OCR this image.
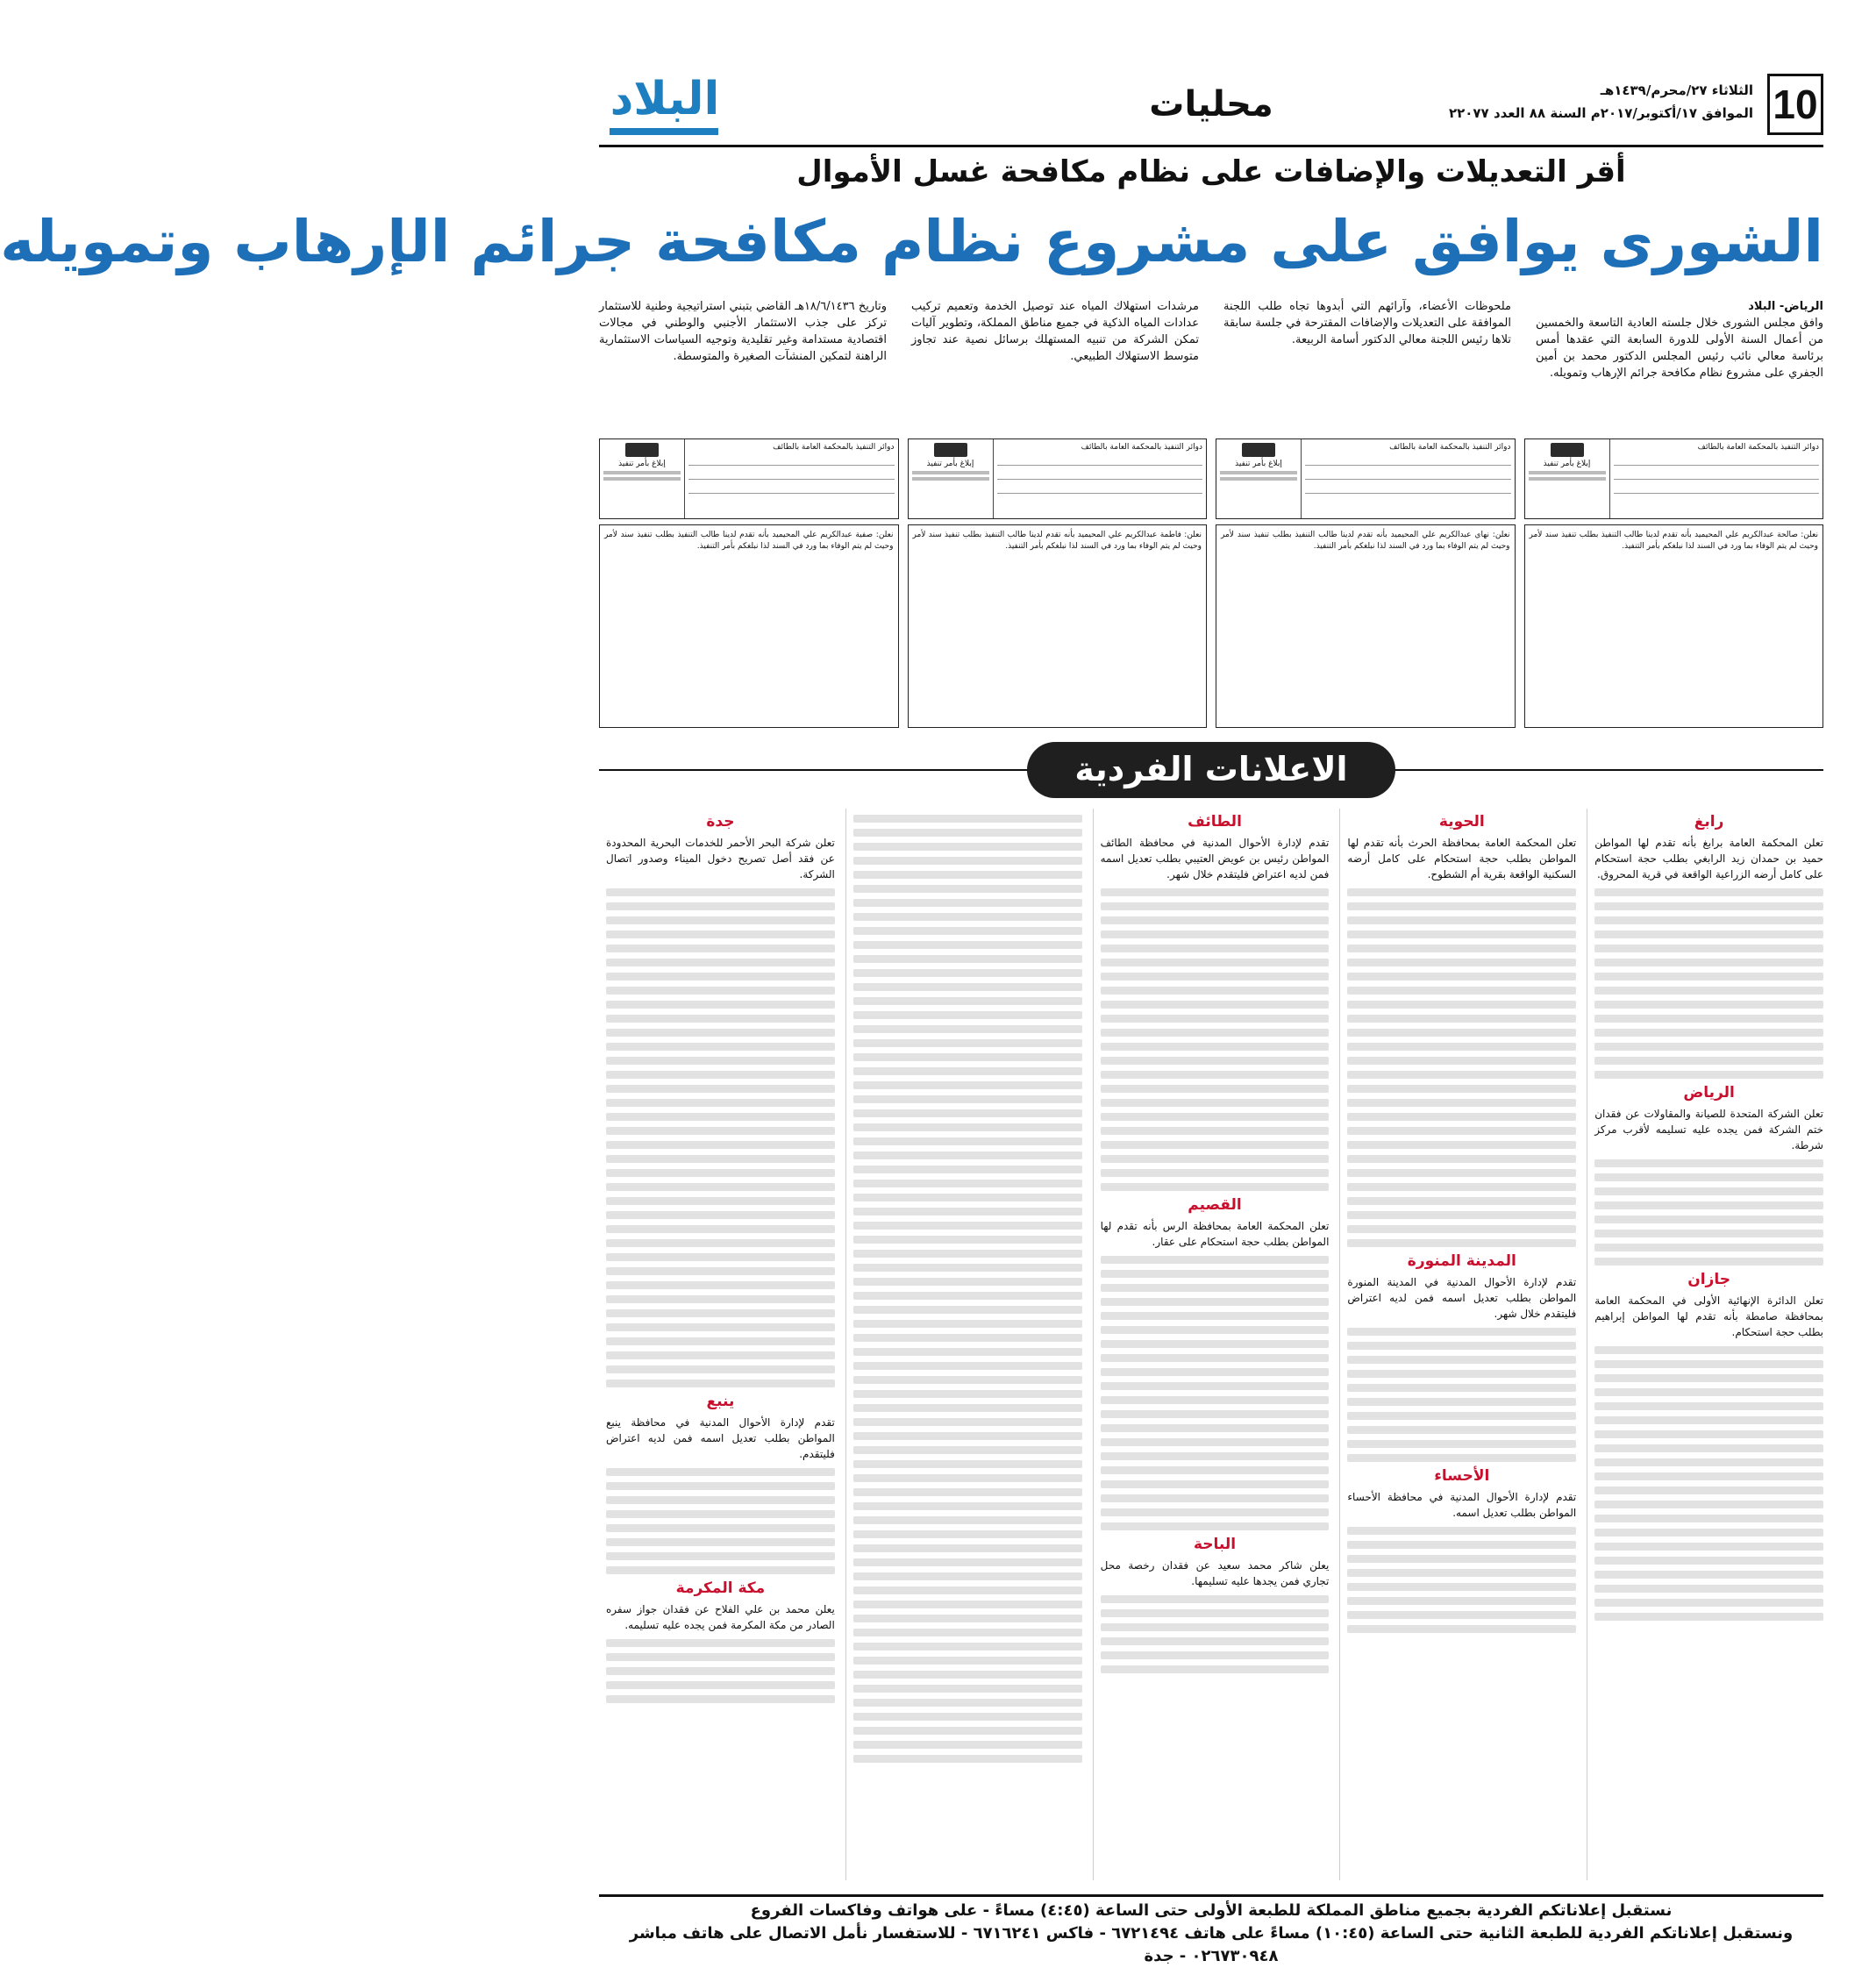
10
الثلاثاء ٢٧/محرم/١٤٣٩هـ
الموافق ١٧/أكتوبر/٢٠١٧م السنة ٨٨ العدد ٢٢٠٧٧
محليات
البلاد
أقر التعديلات والإضافات على نظام مكافحة غسل الأموال
الشورى يوافق على مشروع نظام مكافحة جرائم الإرهاب وتمويله
الرياض- البلاد
وافق مجلس الشورى خلال جلسته العادية التاسعة والخمسين من أعمال السنة الأولى للدورة السابعة التي عقدها أمس برئاسة معالي نائب رئيس المجلس الدكتور محمد بن أمين الجفري على مشروع نظام مكافحة جرائم الإرهاب وتمويله.
ملحوظات الأعضاء، وآرائهم التي أبدوها تجاه طلب اللجنة الموافقة على التعديلات والإضافات المقترحة في جلسة سابقة تلاها رئيس اللجنة معالي الدكتور أسامة الربيعة.
مرشدات استهلاك المياه عند توصيل الخدمة وتعميم تركيب عدادات المياه الذكية في جميع مناطق المملكة، وتطوير آليات تمكن الشركة من تنبيه المستهلك برسائل نصية عند تجاوز متوسط الاستهلاك الطبيعي.
وتاريخ ١٨/٦/١٤٣٦هـ القاضي بتبني استراتيجية وطنية للاستثمار تركز على جذب الاستثمار الأجنبي والوطني في مجالات اقتصادية مستدامة وغير تقليدية وتوجيه السياسات الاستثمارية الراهنة لتمكين المنشآت الصغيرة والمتوسطة.
دوائر التنفيذ بالمحكمة العامة بالطائف
إبلاغ بأمر تنفيذ
نعلن: صالحة عبدالكريم علي المحيميد بأنه تقدم لدينا طالب التنفيذ بطلب تنفيذ سند لأمر وحيث لم يتم الوفاء بما ورد في السند لذا نبلغكم بأمر التنفيذ.
دوائر التنفيذ بالمحكمة العامة بالطائف
إبلاغ بأمر تنفيذ
نعلن: نهاي عبدالكريم علي المحيميد بأنه تقدم لدينا طالب التنفيذ بطلب تنفيذ سند لأمر وحيث لم يتم الوفاء بما ورد في السند لذا نبلغكم بأمر التنفيذ.
دوائر التنفيذ بالمحكمة العامة بالطائف
إبلاغ بأمر تنفيذ
نعلن: فاطمة عبدالكريم علي المحيميد بأنه تقدم لدينا طالب التنفيذ بطلب تنفيذ سند لأمر وحيث لم يتم الوفاء بما ورد في السند لذا نبلغكم بأمر التنفيذ.
دوائر التنفيذ بالمحكمة العامة بالطائف
إبلاغ بأمر تنفيذ
نعلن: صفية عبدالكريم علي المحيميد بأنه تقدم لدينا طالب التنفيذ بطلب تنفيذ سند لأمر وحيث لم يتم الوفاء بما ورد في السند لذا نبلغكم بأمر التنفيذ.
الاعلانات الفردية
رابغ
تعلن المحكمة العامة برابغ بأنه تقدم لها المواطن حميد بن حمدان زيد الرابغي بطلب حجة استحكام على كامل أرضه الزراعية الواقعة في قرية المحروق.
الرياض
تعلن الشركة المتحدة للصيانة والمقاولات عن فقدان ختم الشركة فمن يجده عليه تسليمه لأقرب مركز شرطة.
جازان
تعلن الدائرة الإنهائية الأولى في المحكمة العامة بمحافظة صامطة بأنه تقدم لها المواطن إبراهيم بطلب حجة استحكام.
الحوية
تعلن المحكمة العامة بمحافظة الحرث بأنه تقدم لها المواطن بطلب حجة استحكام على كامل أرضه السكنية الواقعة بقرية أم الشطوح.
المدينة المنورة
تقدم لإدارة الأحوال المدنية في المدينة المنورة المواطن بطلب تعديل اسمه فمن لديه اعتراض فليتقدم خلال شهر.
الأحساء
تقدم لإدارة الأحوال المدنية في محافظة الأحساء المواطن بطلب تعديل اسمه.
الطائف
تقدم لإدارة الأحوال المدنية في محافظة الطائف المواطن رئيس بن عويض العتيبي بطلب تعديل اسمه فمن لديه اعتراض فليتقدم خلال شهر.
القصيم
تعلن المحكمة العامة بمحافظة الرس بأنه تقدم لها المواطن بطلب حجة استحكام على عقار.
الباحة
يعلن شاكر محمد سعيد عن فقدان رخصة محل تجاري فمن يجدها عليه تسليمها.
جدة
تعلن شركة البحر الأحمر للخدمات البحرية المحدودة عن فقد أصل تصريح دخول الميناء وصدور اتصال الشركة.
ينبع
تقدم لإدارة الأحوال المدنية في محافظة ينبع المواطن بطلب تعديل اسمه فمن لديه اعتراض فليتقدم.
مكة المكرمة
يعلن محمد بن علي الفلاح عن فقدان جواز سفره الصادر من مكة المكرمة فمن يجده عليه تسليمه.
نستقبل إعلاناتكم الفردية بجميع مناطق المملكة للطبعة الأولى حتى الساعة (٤:٤٥) مساءً - على هواتف وفاكسات الفروع
ونستقبل إعلاناتكم الفردية للطبعة الثانية حتى الساعة (١٠:٤٥) مساءً على هاتف ٦٧٢١٤٩٤ - فاكس ٦٧١٦٢٤١ - للاستفسار نأمل الاتصال على هاتف مباشر ٠٢٦٧٣٠٩٤٨ - جدة
